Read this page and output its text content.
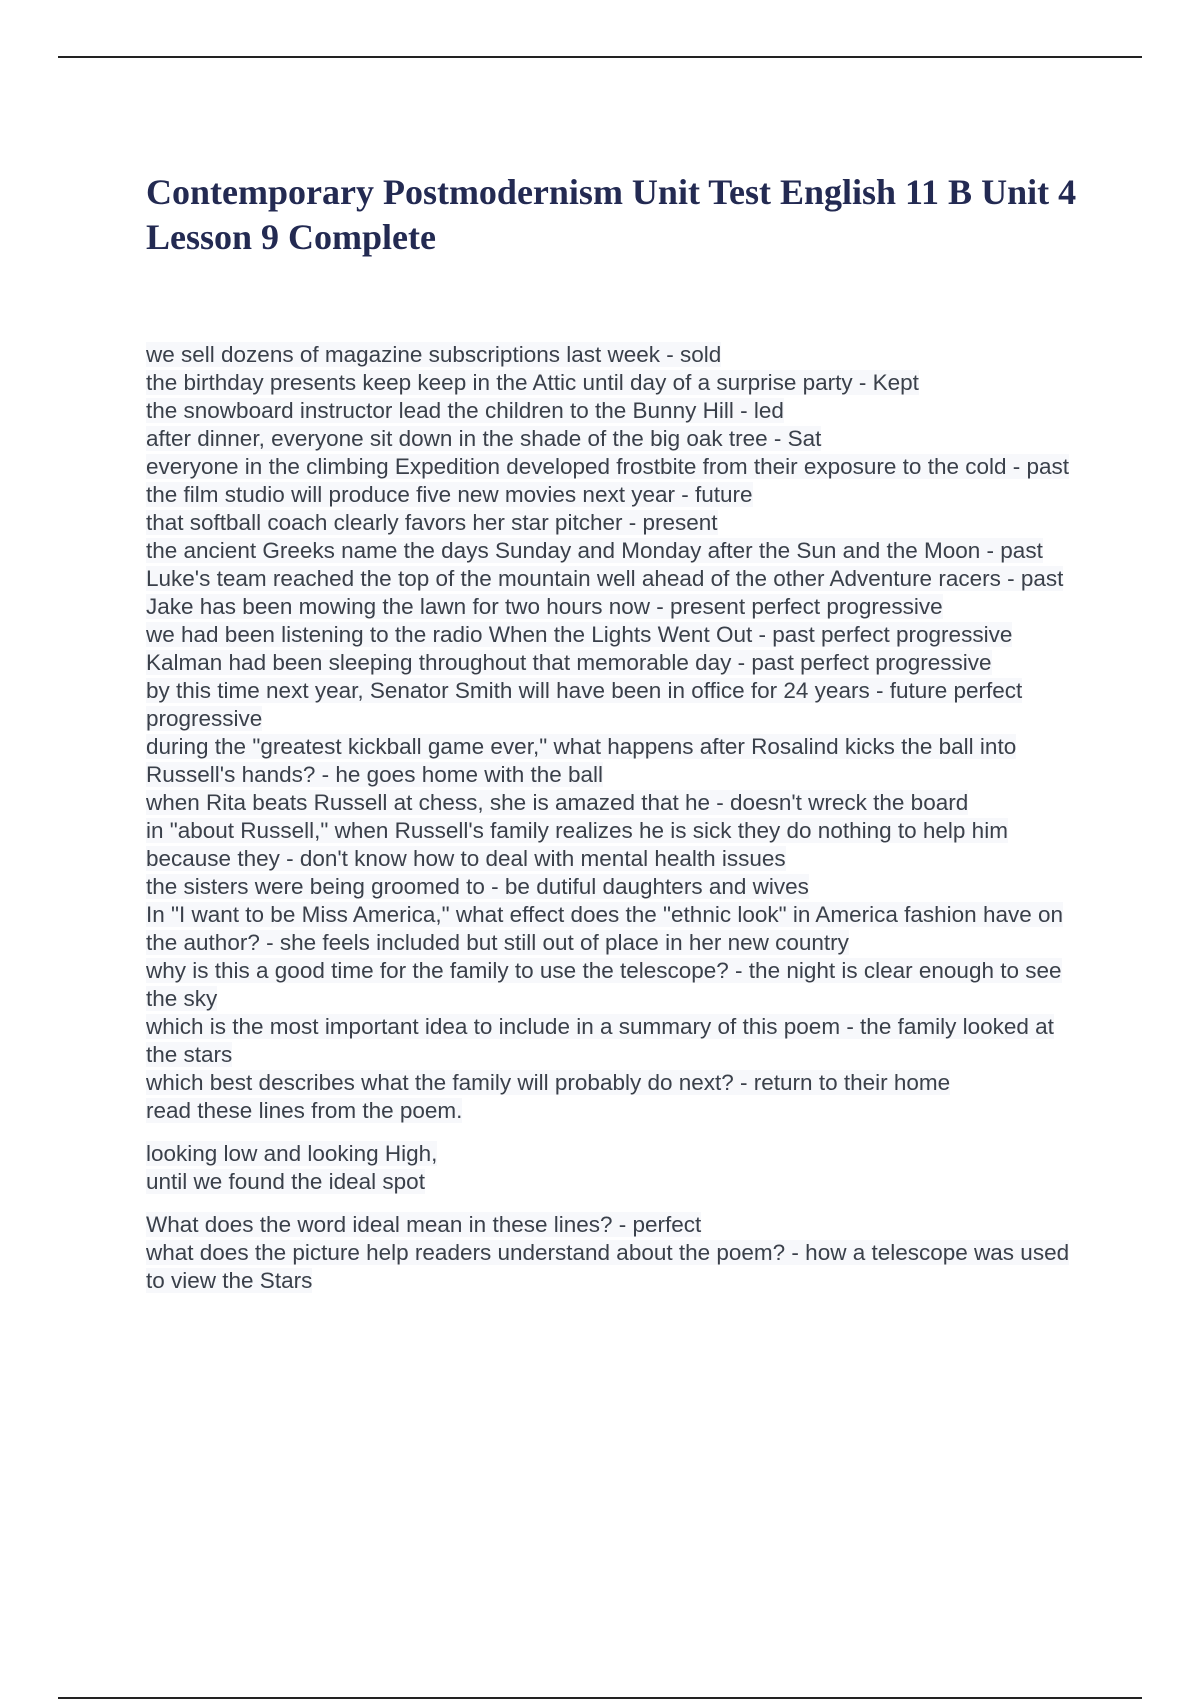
Contemporary Postmodernism Unit Test English 11 B Unit 4 Lesson 9 Complete
we sell dozens of magazine subscriptions last week - sold
the birthday presents keep keep in the Attic until day of a surprise party - Kept
the snowboard instructor lead the children to the Bunny Hill - led
after dinner, everyone sit down in the shade of the big oak tree - Sat
everyone in the climbing Expedition developed frostbite from their exposure to the cold - past
the film studio will produce five new movies next year - future
that softball coach clearly favors her star pitcher - present
the ancient Greeks name the days Sunday and Monday after the Sun and the Moon - past
Luke's team reached the top of the mountain well ahead of the other Adventure racers - past
Jake has been mowing the lawn for two hours now - present perfect progressive
we had been listening to the radio When the Lights Went Out - past perfect progressive
Kalman had been sleeping throughout that memorable day - past perfect progressive
by this time next year, Senator Smith will have been in office for 24 years - future perfect progressive
during the "greatest kickball game ever," what happens after Rosalind kicks the ball into Russell's hands? - he goes home with the ball
when Rita beats Russell at chess, she is amazed that he - doesn't wreck the board
in "about Russell," when Russell's family realizes he is sick they do nothing to help him because they - don't know how to deal with mental health issues
the sisters were being groomed to - be dutiful daughters and wives
In "I want to be Miss America," what effect does the "ethnic look" in America fashion have on the author? - she feels included but still out of place in her new country
why is this a good time for the family to use the telescope? - the night is clear enough to see the sky
which is the most important idea to include in a summary of this poem - the family looked at the stars
which best describes what the family will probably do next? - return to their home
read these lines from the poem.
looking low and looking High,
until we found the ideal spot
What does the word ideal mean in these lines? - perfect
what does the picture help readers understand about the poem? - how a telescope was used to view the Stars
